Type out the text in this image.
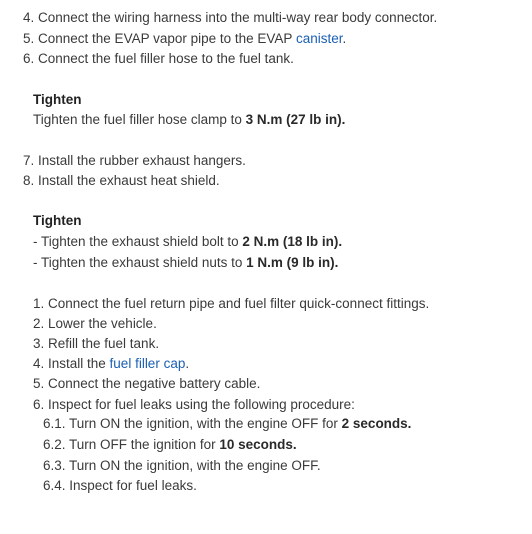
4. Connect the wiring harness into the multi-way rear body connector.
5. Connect the EVAP vapor pipe to the EVAP canister.
6. Connect the fuel filler hose to the fuel tank.
Tighten
Tighten the fuel filler hose clamp to 3 N.m (27 lb in).
7. Install the rubber exhaust hangers.
8. Install the exhaust heat shield.
Tighten
- Tighten the exhaust shield bolt to 2 N.m (18 lb in).
- Tighten the exhaust shield nuts to 1 N.m (9 lb in).
1. Connect the fuel return pipe and fuel filter quick-connect fittings.
2. Lower the vehicle.
3. Refill the fuel tank.
4. Install the fuel filler cap.
5. Connect the negative battery cable.
6. Inspect for fuel leaks using the following procedure:
6.1. Turn ON the ignition, with the engine OFF for 2 seconds.
6.2. Turn OFF the ignition for 10 seconds.
6.3. Turn ON the ignition, with the engine OFF.
6.4. Inspect for fuel leaks.
